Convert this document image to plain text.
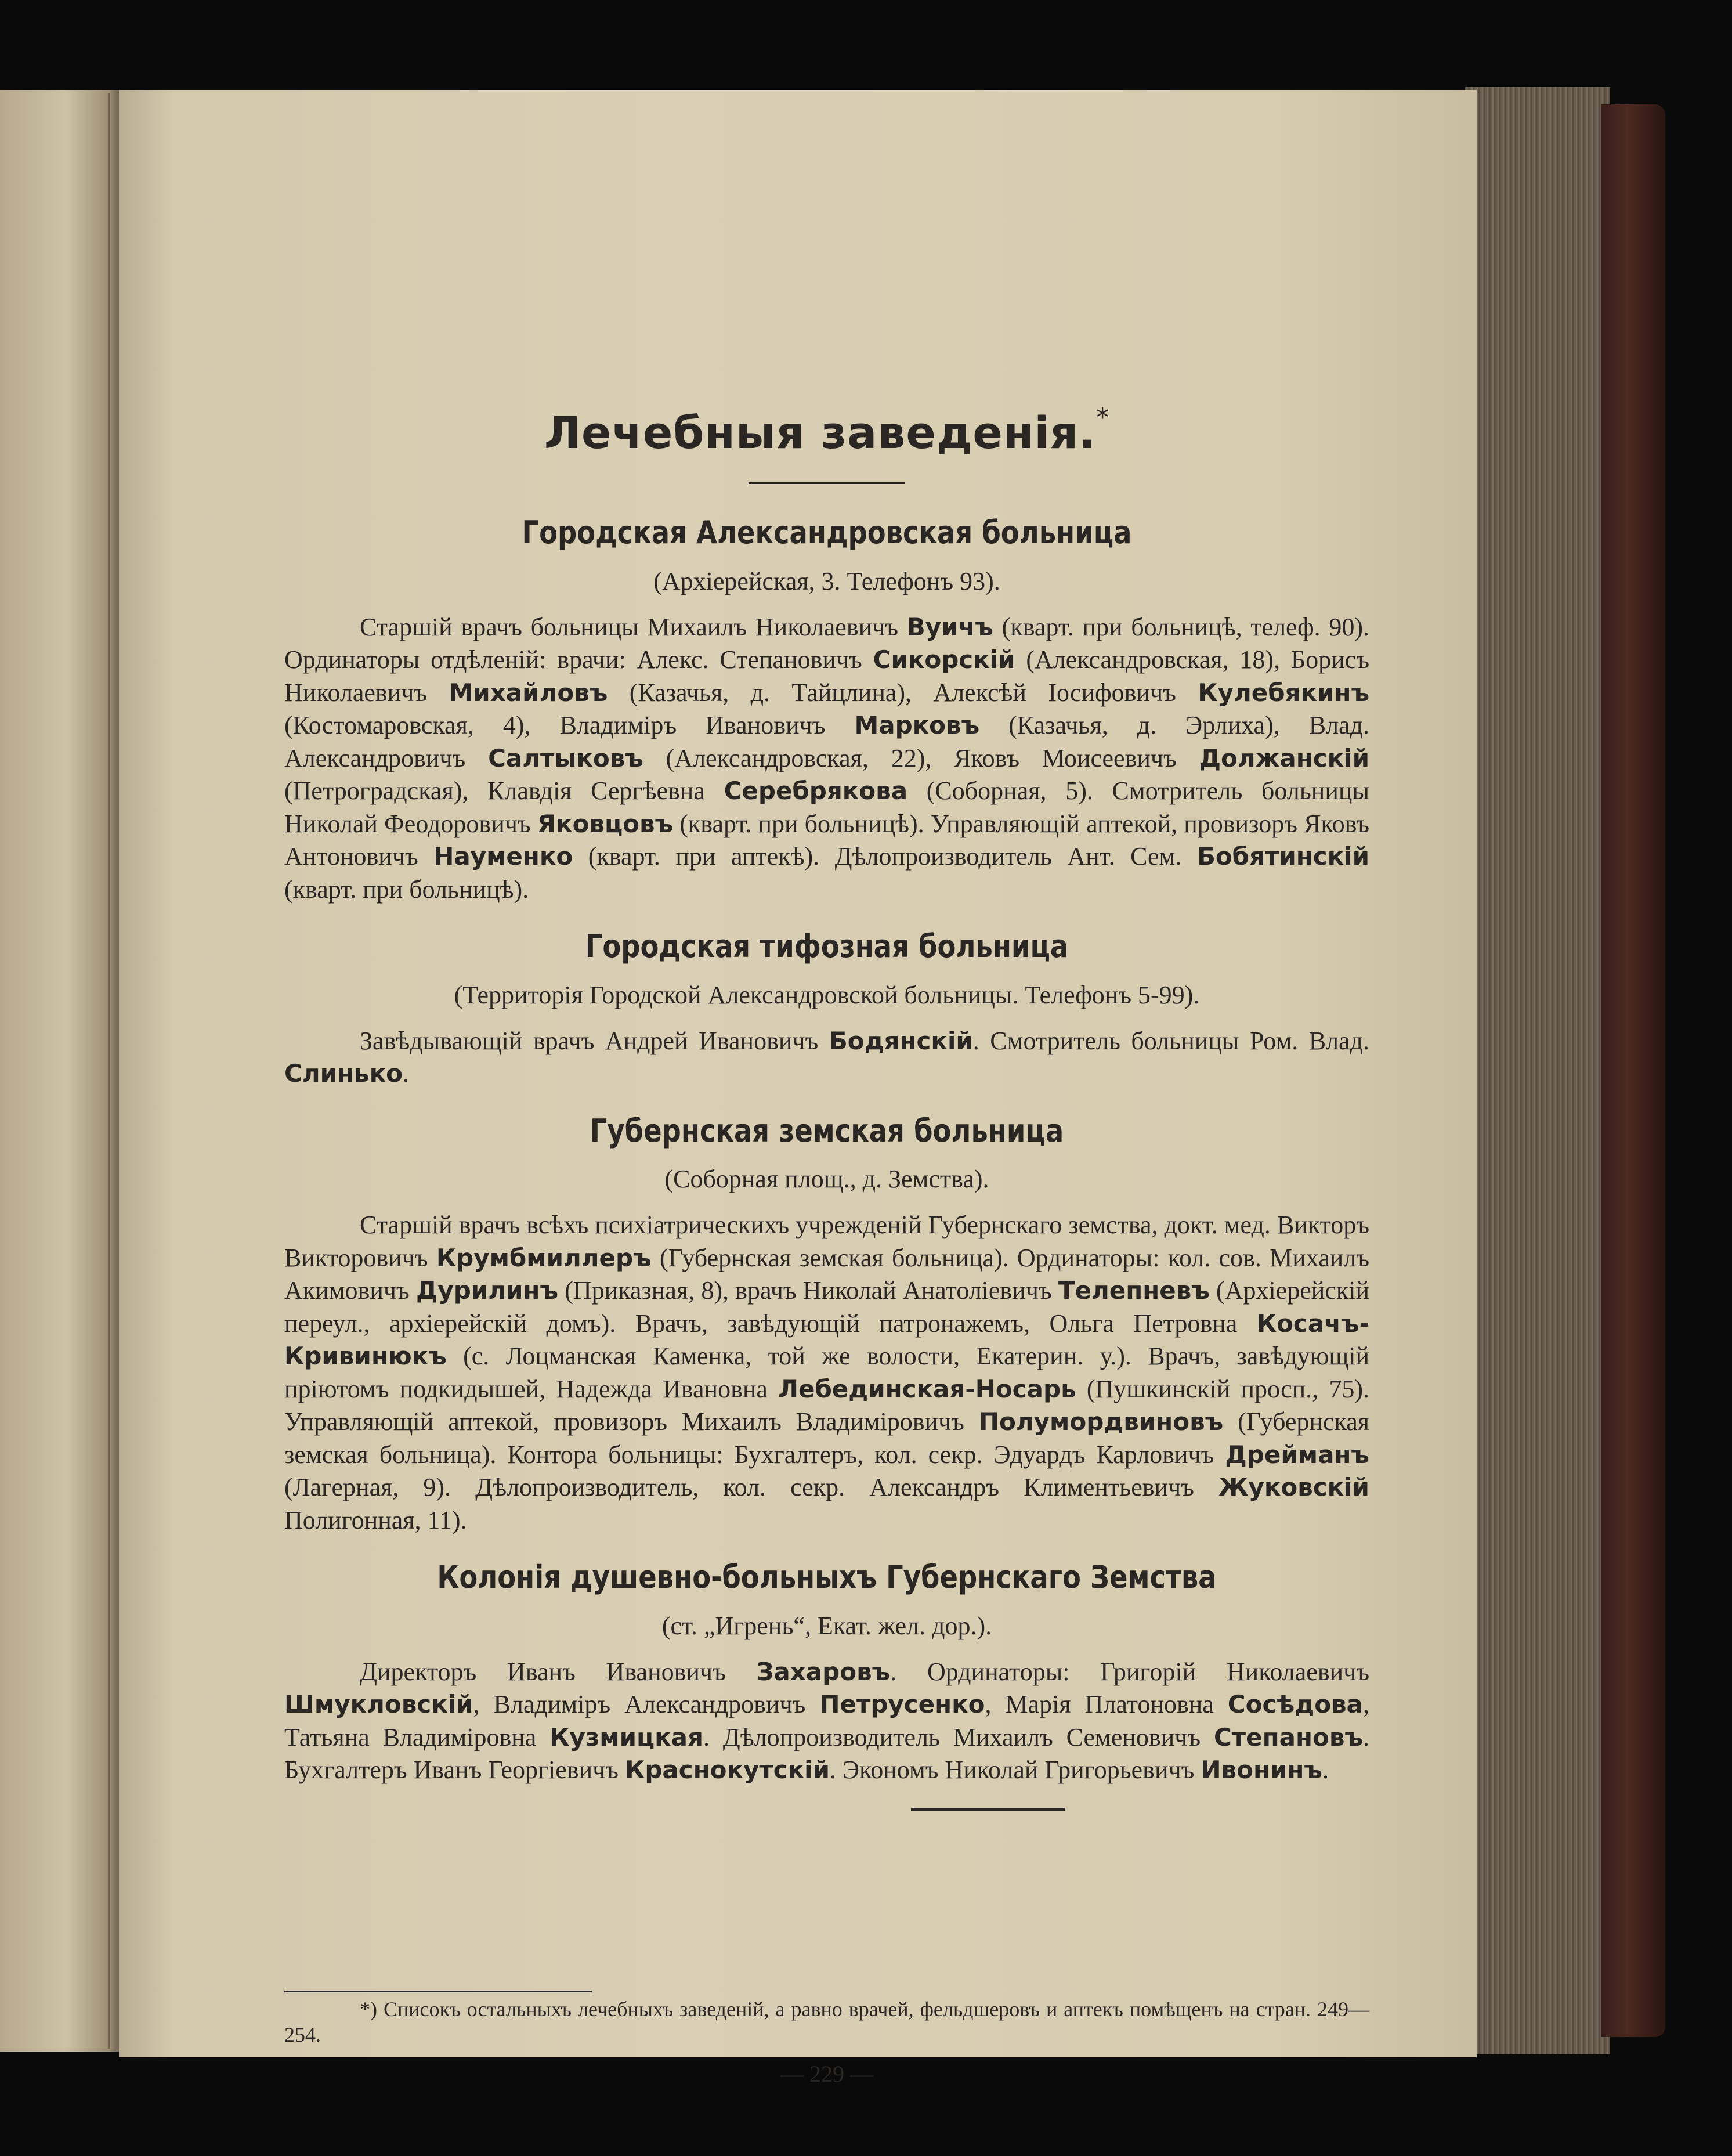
Лечебныя заведенія.*
Городская Александровская больница
(Архіерейская, 3. Телефонъ 93).

Старшій врачъ больницы Михаилъ Николаевичъ Вуичъ (кварт. при больницѣ, телеф. 90). Ординаторы отдѣленій: врачи: Алекс. Степановичъ Сикорскій (Александровская, 18), Борисъ Николаевичъ Михайловъ (Казачья, д. Тайцлина), Алексѣй Іосифовичъ Кулебякинъ (Костомаровская, 4), Владиміръ Ивановичъ Марковъ (Казачья, д. Эрлиха), Влад. Александровичъ Салтыковъ (Александровская, 22), Яковъ Моисеевичъ Должанскій (Петроградская), Клавдія Сергѣевна Серебрякова (Соборная, 5). Смотритель больницы Николай Феодоровичъ Яковцовъ (кварт. при больницѣ). Управляющій аптекой, провизоръ Яковъ Антоновичъ Науменко (кварт. при аптекѣ). Дѣлопроизводитель Ант. Сем. Бобятинскій (кварт. при больницѣ).

Городская тифозная больница
(Территорія Городской Александровской больницы. Телефонъ 5-99).

Завѣдывающій врачъ Андрей Ивановичъ Бодянскій. Смотритель больницы Ром. Влад. Слинько.

Губернская земская больница
(Соборная площ., д. Земства).

Старшій врачъ всѣхъ психіатрическихъ учрежденій Губернскаго земства, докт. мед. Викторъ Викторовичъ Крумбмиллеръ (Губернская земская больница). Ординаторы: кол. сов. Михаилъ Акимовичъ Дурилинъ (Приказная, 8), врачъ Николай Анатоліевичъ Телепневъ (Архіерейскій переул., архіерейскій домъ). Врачъ, завѣдующій патронажемъ, Ольга Петровна Косачъ-Кривинюкъ (с. Лоцманская Каменка, той же волости, Екатерин. у.). Врачъ, завѣдующій пріютомъ подкидышей, Надежда Ивановна Лебединская-Носарь (Пушкинскій просп., 75). Управляющій аптекой, провизоръ Михаилъ Владиміровичъ Полумордвиновъ (Губернская земская больница). Контора больницы: Бухгалтеръ, кол. секр. Эдуардъ Карловичъ Дрейманъ (Лагерная, 9). Дѣлопроизводитель, кол. секр. Александръ Климентьевичъ Жуковскій Полигонная, 11).

Колонія душевно-больныхъ Губернскаго Земства
(ст. „Игрень“, Екат. жел. дор.).

Директоръ Иванъ Ивановичъ Захаровъ. Ординаторы: Григорій Николаевичъ Шмукловскій, Владиміръ Александровичъ Петрусенко, Марія Платоновна Сосѣдова, Татьяна Владиміровна Кузмицкая. Дѣлопроизводитель Михаилъ Семеновичъ Степановъ. Бухгалтеръ Иванъ Георгіевичъ Краснокутскій. Экономъ Николай Григорьевичъ Ивонинъ.

*) Списокъ остальныхъ лечебныхъ заведеній, а равно врачей, фельдшеровъ и аптекъ помѣщенъ на стран. 249—254.
— 229 —
